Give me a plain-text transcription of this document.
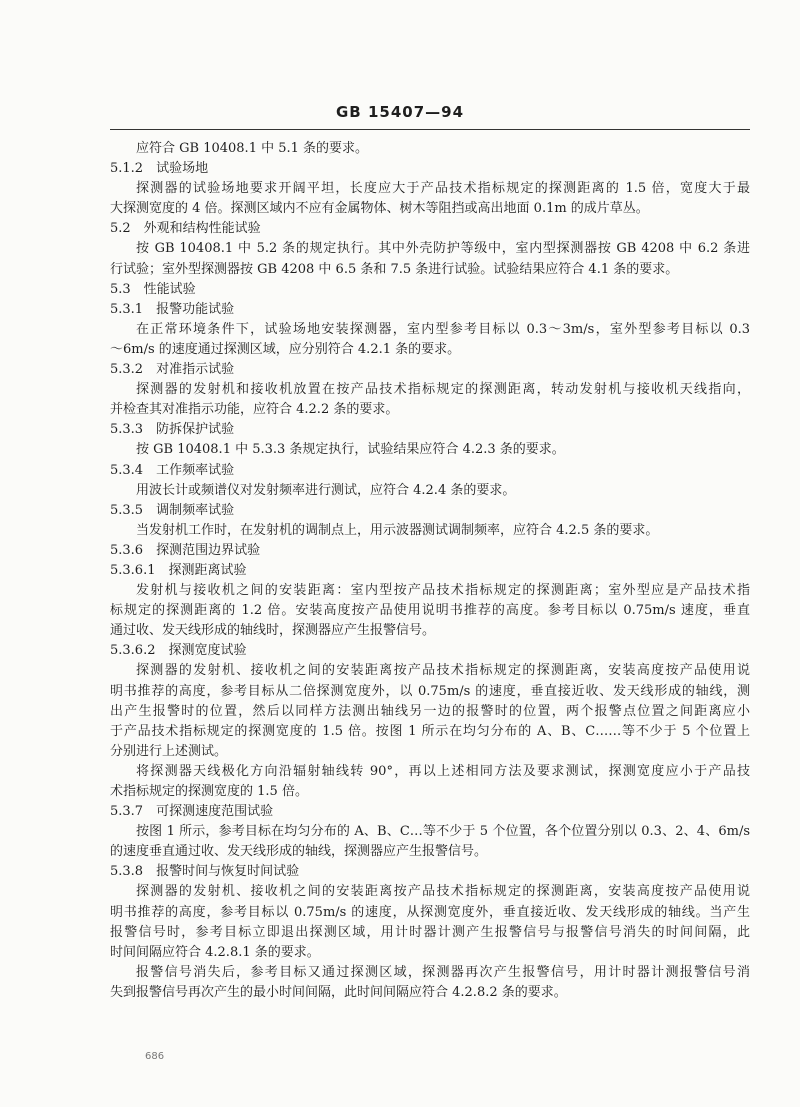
GB 15407—94
应符合 GB 10408.1 中 5.1 条的要求。
5.1.2　试验场地
探测器的试验场地要求开阔平坦，长度应大于产品技术指标规定的探测距离的 1.5 倍，宽度大于最
大探测宽度的 4 倍。探测区域内不应有金属物体、树木等阻挡或高出地面 0.1m 的成片草丛。
5.2　外观和结构性能试验
按 GB 10408.1 中 5.2 条的规定执行。其中外壳防护等级中，室内型探测器按 GB 4208 中 6.2 条进
行试验；室外型探测器按 GB 4208 中 6.5 条和 7.5 条进行试验。试验结果应符合 4.1 条的要求。
5.3　性能试验
5.3.1　报警功能试验
在正常环境条件下，试验场地安装探测器，室内型参考目标以 0.3～3m/s，室外型参考目标以 0.3
～6m/s 的速度通过探测区域，应分别符合 4.2.1 条的要求。
5.3.2　对准指示试验
探测器的发射机和接收机放置在按产品技术指标规定的探测距离，转动发射机与接收机天线指向，
并检查其对准指示功能，应符合 4.2.2 条的要求。
5.3.3　防拆保护试验
按 GB 10408.1 中 5.3.3 条规定执行，试验结果应符合 4.2.3 条的要求。
5.3.4　工作频率试验
用波长计或频谱仪对发射频率进行测试，应符合 4.2.4 条的要求。
5.3.5　调制频率试验
当发射机工作时，在发射机的调制点上，用示波器测试调制频率，应符合 4.2.5 条的要求。
5.3.6　探测范围边界试验
5.3.6.1　探测距离试验
发射机与接收机之间的安装距离：室内型按产品技术指标规定的探测距离；室外型应是产品技术指
标规定的探测距离的 1.2 倍。安装高度按产品使用说明书推荐的高度。参考目标以 0.75m/s 速度，垂直
通过收、发天线形成的轴线时，探测器应产生报警信号。
5.3.6.2　探测宽度试验
探测器的发射机、接收机之间的安装距离按产品技术指标规定的探测距离，安装高度按产品使用说
明书推荐的高度，参考目标从二倍探测宽度外，以 0.75m/s 的速度，垂直接近收、发天线形成的轴线，测
出产生报警时的位置，然后以同样方法测出轴线另一边的报警时的位置，两个报警点位置之间距离应小
于产品技术指标规定的探测宽度的 1.5 倍。按图 1 所示在均匀分布的 A、B、C……等不少于 5 个位置上
分别进行上述测试。
将探测器天线极化方向沿辐射轴线转 90°，再以上述相同方法及要求测试，探测宽度应小于产品技
术指标规定的探测宽度的 1.5 倍。
5.3.7　可探测速度范围试验
按图 1 所示，参考目标在均匀分布的 A、B、C…等不少于 5 个位置，各个位置分别以 0.3、2、4、6m/s
的速度垂直通过收、发天线形成的轴线，探测器应产生报警信号。
5.3.8　报警时间与恢复时间试验
探测器的发射机、接收机之间的安装距离按产品技术指标规定的探测距离，安装高度按产品使用说
明书推荐的高度，参考目标以 0.75m/s 的速度，从探测宽度外，垂直接近收、发天线形成的轴线。当产生
报警信号时，参考目标立即退出探测区域，用计时器计测产生报警信号与报警信号消失的时间间隔，此
时间间隔应符合 4.2.8.1 条的要求。
报警信号消失后，参考目标又通过探测区域，探测器再次产生报警信号，用计时器计测报警信号消
失到报警信号再次产生的最小时间间隔，此时间间隔应符合 4.2.8.2 条的要求。
686
